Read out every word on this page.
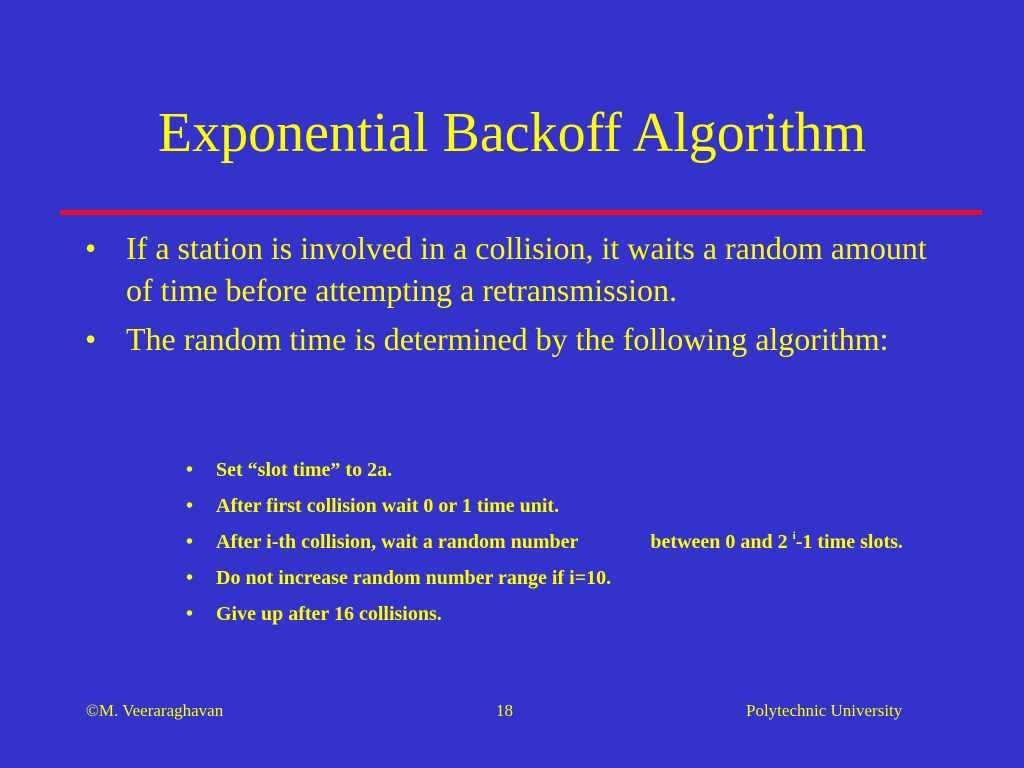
Exponential Backoff Algorithm
• If a station is involved in a collision, it waits a random amount of time before attempting a retransmission.
• The random time is determined by the following algorithm:
• Set “slot time” to 2a.
• After first collision wait 0 or 1 time unit.
• After i-th collision, wait a random number	between 0 and 2 $^i$-1 time slots.
• Do not increase random number range if i=10.
• Give up after 16 collisions.
©M. Veeraraghavan	18	Polytechnic University
